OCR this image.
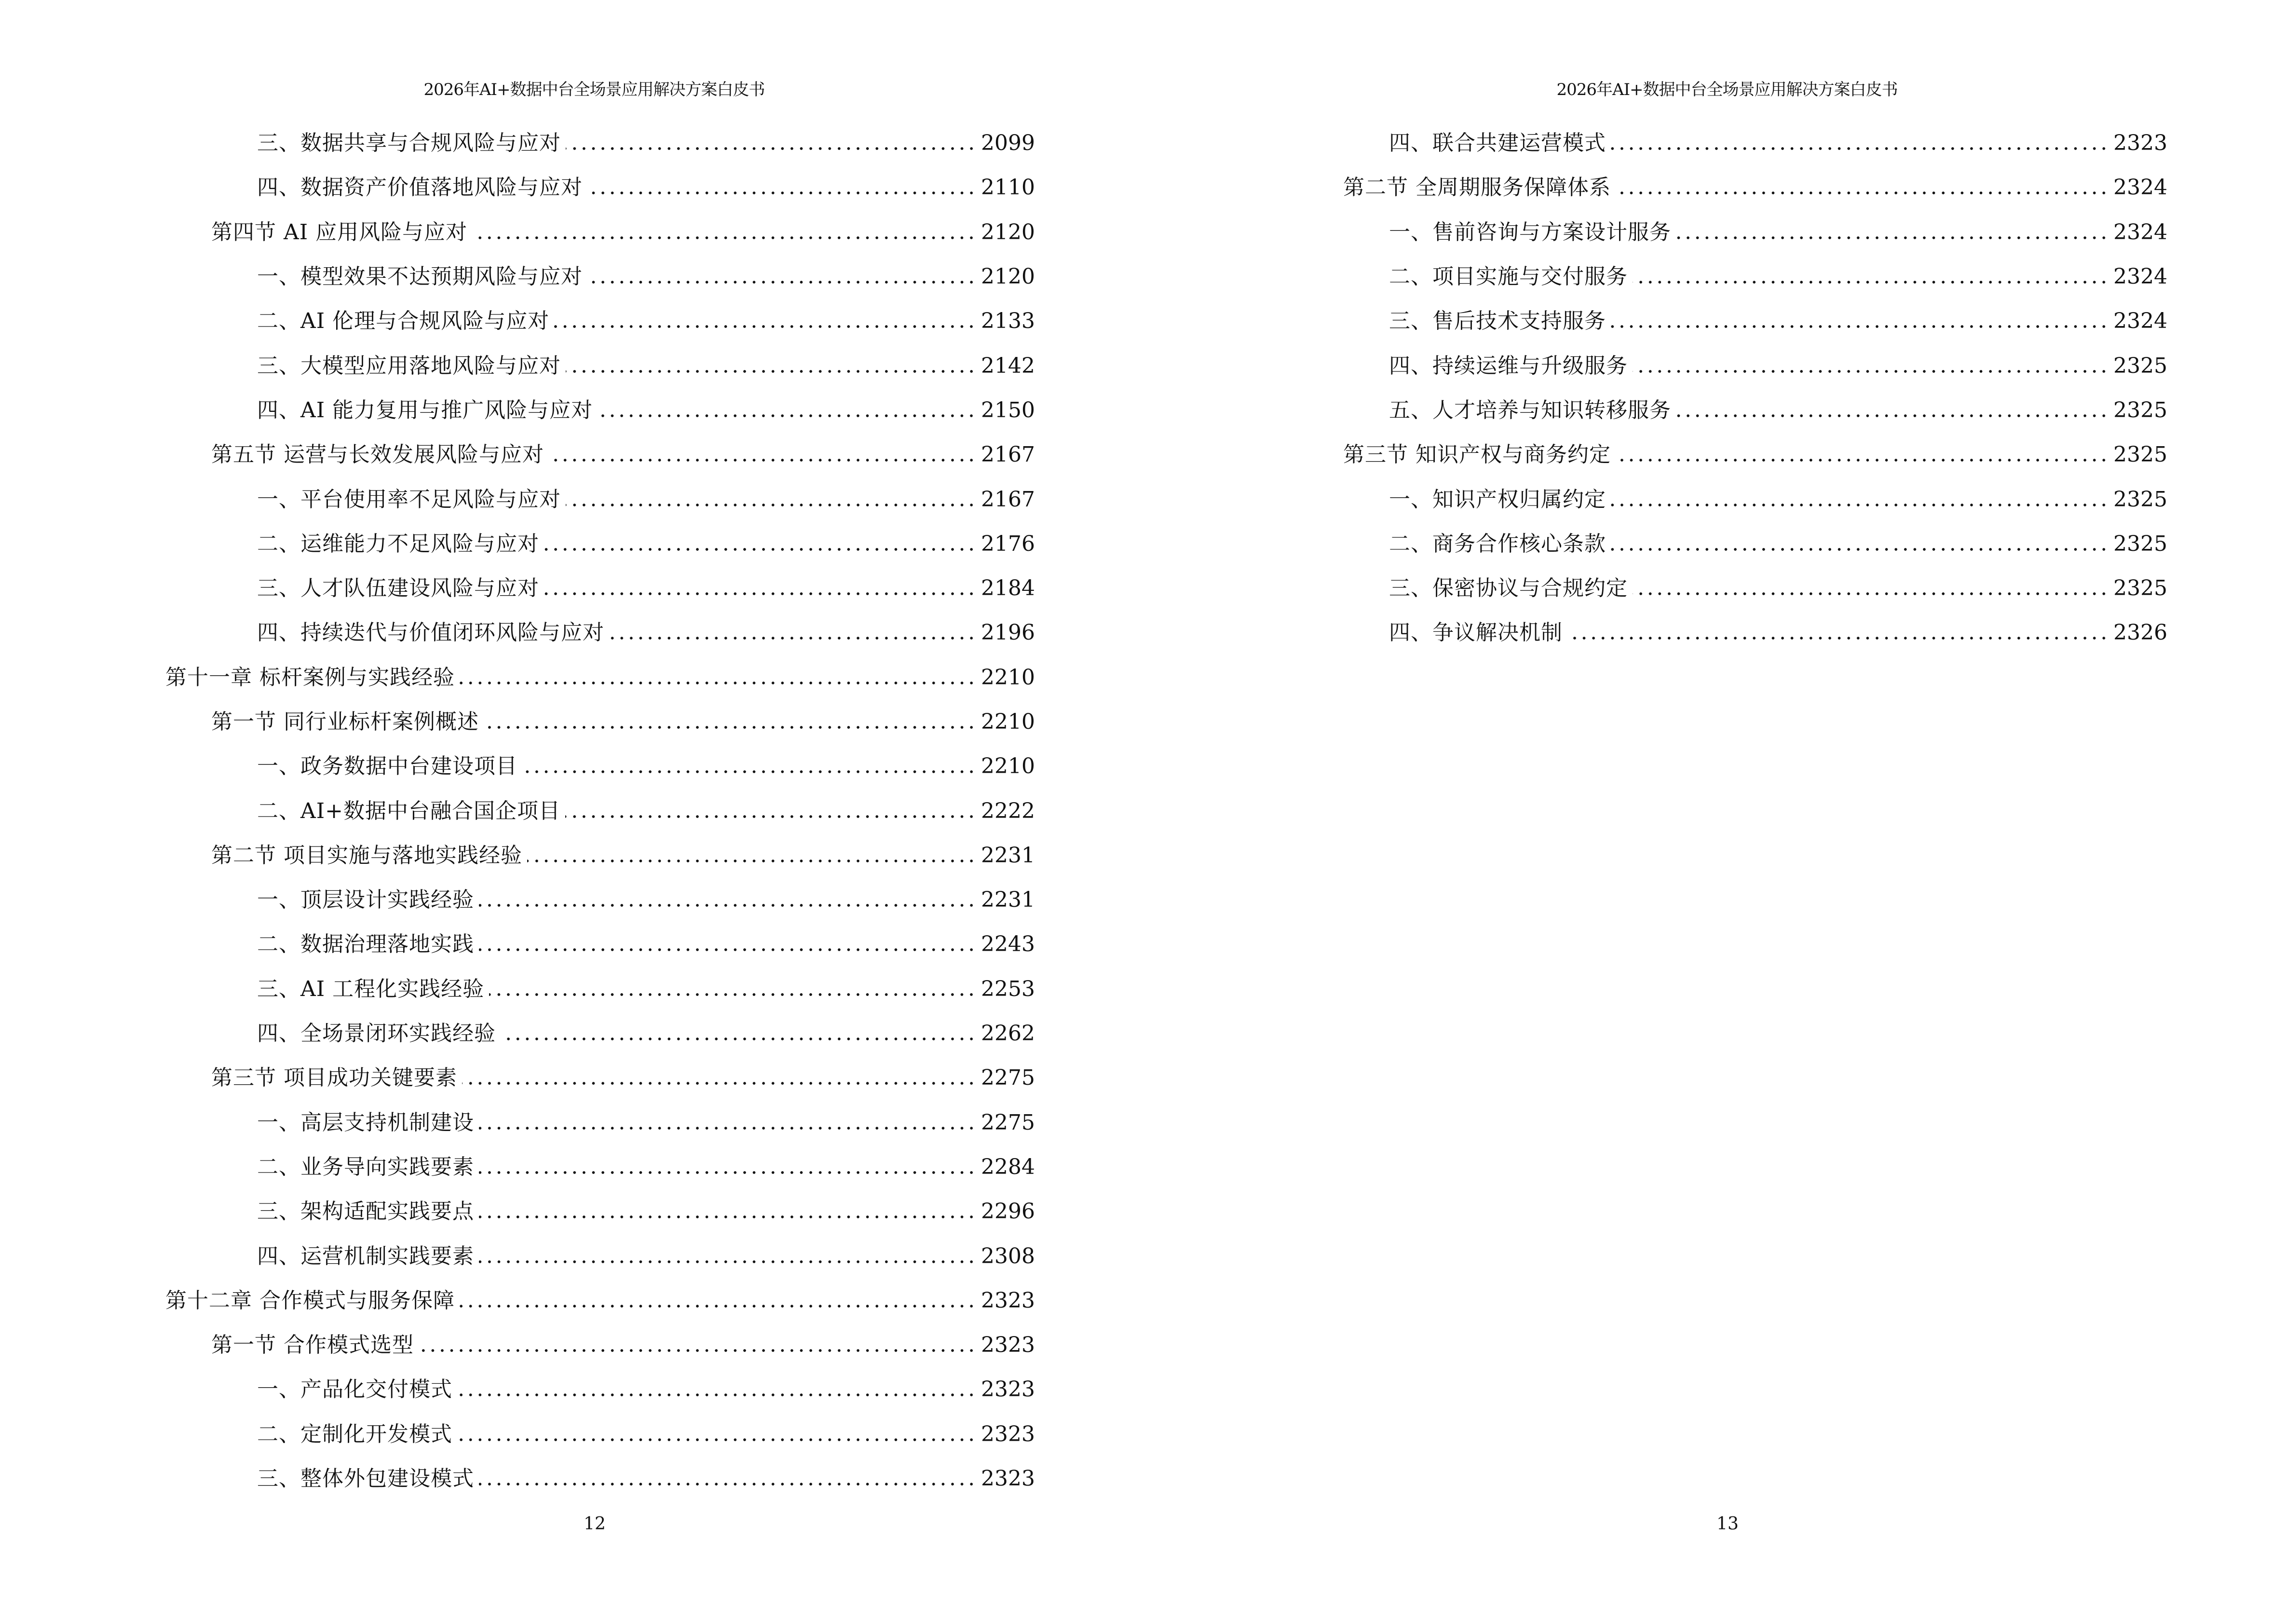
2026年AI+数据中台全场景应用解决方案白皮书
三、数据共享与合规风险与应对	2099
四、数据资产价值落地风险与应对	2110
第四节 AI 应用风险与应对	2120
一、模型效果不达预期风险与应对	2120
二、AI 伦理与合规风险与应对	2133
三、大模型应用落地风险与应对	2142
四、AI 能力复用与推广风险与应对	2150
第五节 运营与长效发展风险与应对	2167
一、平台使用率不足风险与应对	2167
二、运维能力不足风险与应对	2176
三、人才队伍建设风险与应对	2184
四、持续迭代与价值闭环风险与应对	2196
第十一章 标杆案例与实践经验	2210
第一节 同行业标杆案例概述	2210
一、政务数据中台建设项目	2210
二、AI+数据中台融合国企项目	2222
第二节 项目实施与落地实践经验	2231
一、顶层设计实践经验	2231
二、数据治理落地实践	2243
三、AI 工程化实践经验	2253
四、全场景闭环实践经验	2262
第三节 项目成功关键要素	2275
一、高层支持机制建设	2275
二、业务导向实践要素	2284
三、架构适配实践要点	2296
四、运营机制实践要素	2308
第十二章 合作模式与服务保障	2323
第一节 合作模式选型	2323
一、产品化交付模式	2323
二、定制化开发模式	2323
三、整体外包建设模式	2323
12
2026年AI+数据中台全场景应用解决方案白皮书
四、联合共建运营模式	2323
第二节 全周期服务保障体系	2324
一、售前咨询与方案设计服务	2324
二、项目实施与交付服务	2324
三、售后技术支持服务	2324
四、持续运维与升级服务	2325
五、人才培养与知识转移服务	2325
第三节 知识产权与商务约定	2325
一、知识产权归属约定	2325
二、商务合作核心条款	2325
三、保密协议与合规约定	2325
四、争议解决机制	2326
13
